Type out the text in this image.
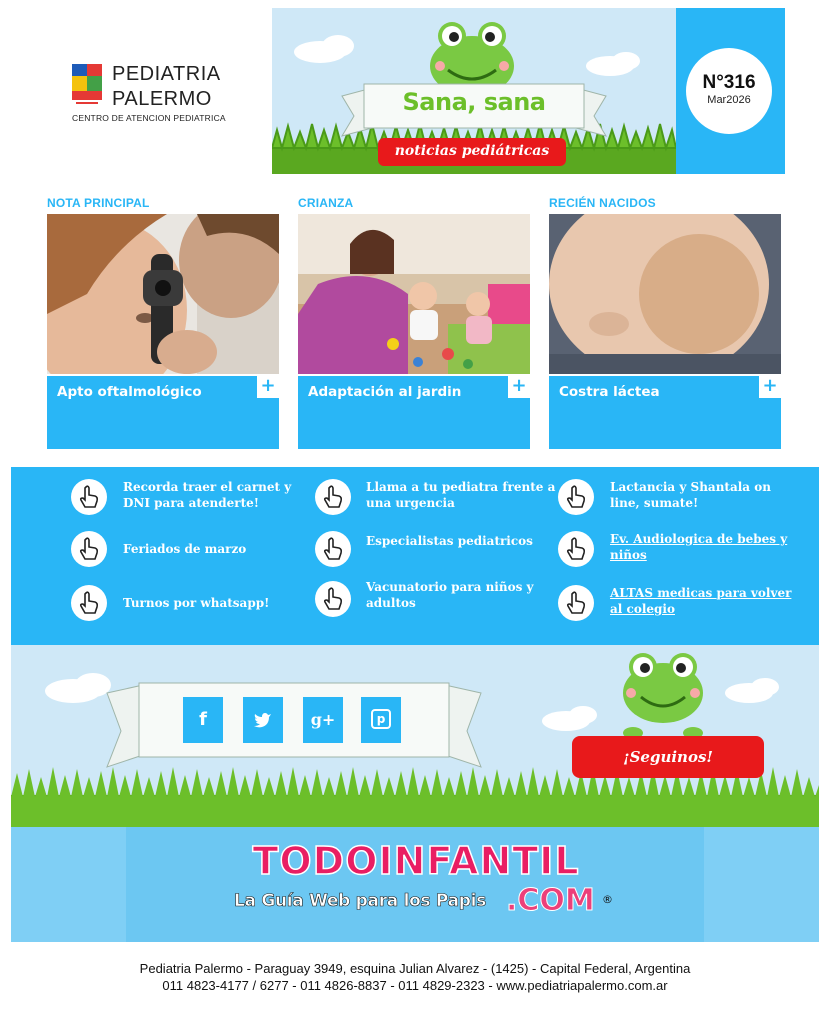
PEDIATRIA
PALERMO
CENTRO DE ATENCION PEDIATRICA
Sana, sana
noticias pediátricas
N°316
Mar2026
NOTA PRINCIPAL
Apto oftalmológico	+
CRIANZA
Adaptación al jardin	+
RECIÉN NACIDOS
Costra láctea	+
Recorda traer el carnet y DNI para atenderte!
Feriados de marzo
Turnos por whatsapp!
Llama a tu pediatra frente a una urgencia
Especialistas pediatricos
Vacunatorio para niños y adultos
Lactancia y Shantala on line, sumate!
Ev. Audiologica de bebes y niños
ALTAS medicas para volver al colegio
f	g+	p
¡Seguinos!
TODOINFANTIL
La Guía Web para los Papis .COM ®
Pediatria Palermo - Paraguay 3949, esquina Julian Alvarez - (1425) - Capital Federal, Argentina
011 4823-4177 / 6277 - 011 4826-8837 - 011 4829-2323 - www.pediatriapalermo.com.ar
